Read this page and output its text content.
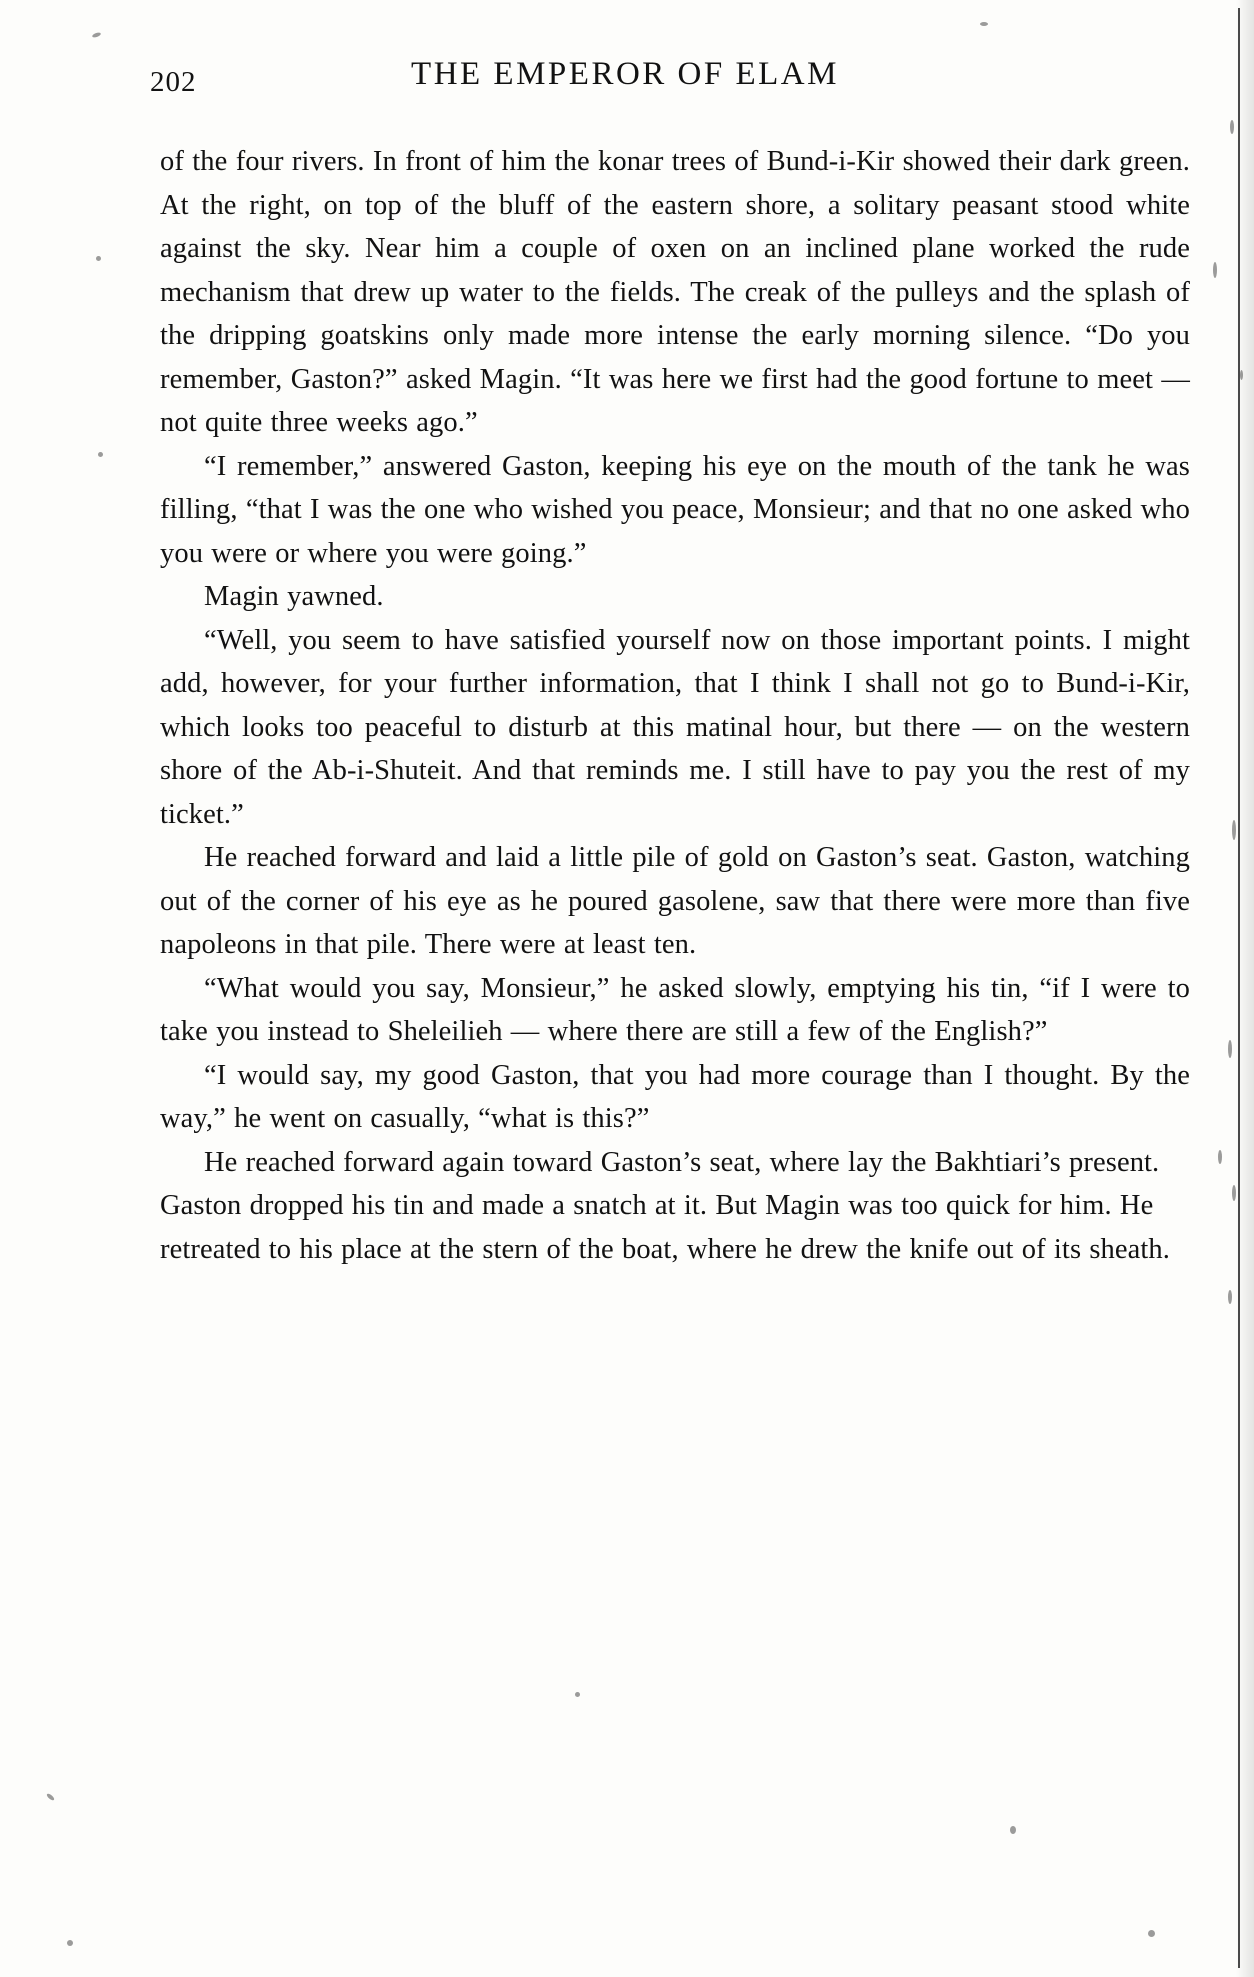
202	THE EMPEROR OF ELAM

of the four rivers. In front of him the konar trees of Bund-i-Kir showed their dark green. At the right, on top of the bluff of the eastern shore, a solitary peasant stood white against the sky. Near him a couple of oxen on an inclined plane worked the rude mechanism that drew up water to the fields. The creak of the pulleys and the splash of the dripping goatskins only made more intense the early morning silence. “Do you remember, Gaston?” asked Magin. “It was here we first had the good fortune to meet — not quite three weeks ago.”

“I remember,” answered Gaston, keeping his eye on the mouth of the tank he was filling, “that I was the one who wished you peace, Monsieur; and that no one asked who you were or where you were going.”

Magin yawned.

“Well, you seem to have satisfied yourself now on those important points. I might add, however, for your further information, that I think I shall not go to Bund-i-Kir, which looks too peaceful to disturb at this matinal hour, but there — on the western shore of the Ab-i-Shuteit. And that reminds me. I still have to pay you the rest of my ticket.”

He reached forward and laid a little pile of gold on Gaston’s seat. Gaston, watching out of the corner of his eye as he poured gasolene, saw that there were more than five napoleons in that pile. There were at least ten.

“What would you say, Monsieur,” he asked slowly, emptying his tin, “if I were to take you instead to Sheleilieh — where there are still a few of the English?”

“I would say, my good Gaston, that you had more courage than I thought. By the way,” he went on casually, “what is this?”

He reached forward again toward Gaston’s seat, where lay the Bakhtiari’s present. Gaston dropped his tin and made a snatch at it. But Magin was too quick for him. He retreated to his place at the stern of the boat, where he drew the knife out of its sheath.
